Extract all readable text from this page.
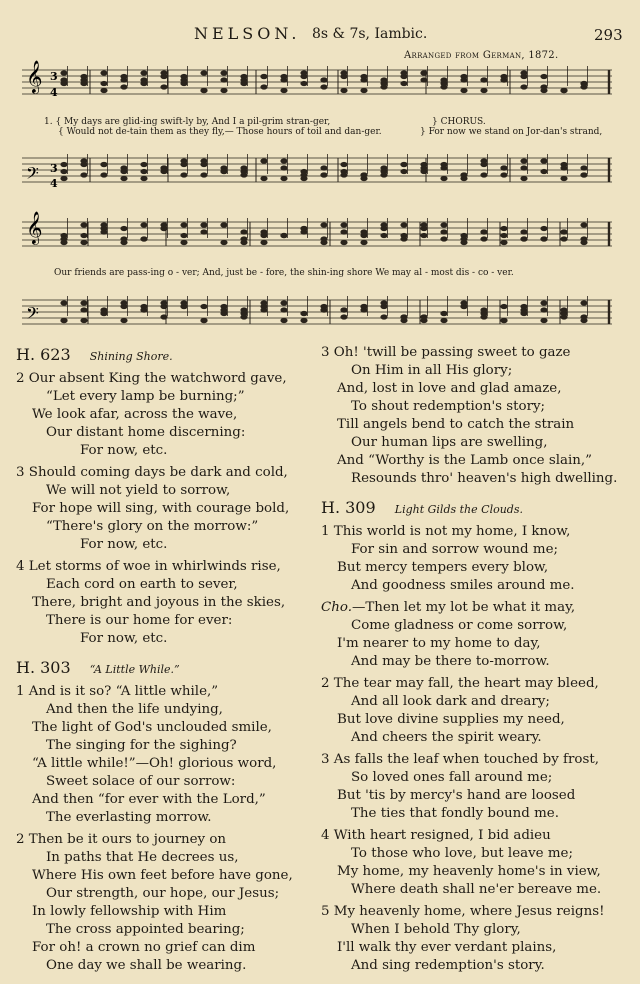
NELSON. 8s & 7s, Iambic.	293
Arranged from German, 1872.
𝄞
𝄞
𝄢
𝄢
3
4
3
4
1. { My days are glid-ing swift-ly by, And I a pil-grim stran-ger,
{ Would not de-tain them as they fly,— Those hours of toil and dan-ger.
} CHORUS.
} For now we stand on Jor-dan's strand,
Our friends are pass-ing o - ver; And, just be - fore, the shin-ing shore We may al - most dis - co - ver.
H. 623 Shining Shore.
2 Our absent King the watchword gave,
“Let every lamp be burning;”
We look afar, across the wave,
Our distant home discerning:
For now, etc.
3 Should coming days be dark and cold,
We will not yield to sorrow,
For hope will sing, with courage bold,
“There's glory on the morrow:”
For now, etc.
4 Let storms of woe in whirlwinds rise,
Each cord on earth to sever,
There, bright and joyous in the skies,
There is our home for ever:
For now, etc.
H. 303 “A Little While.”
1 And is it so? “A little while,”
And then the life undying,
The light of God's unclouded smile,
The singing for the sighing?
“A little while!”—Oh! glorious word,
Sweet solace of our sorrow:
And then “for ever with the Lord,”
The everlasting morrow.
2 Then be it ours to journey on
In paths that He decrees us,
Where His own feet before have gone,
Our strength, our hope, our Jesus;
In lowly fellowship with Him
The cross appointed bearing;
For oh! a crown no grief can dim
One day we shall be wearing.
3 Oh! 'twill be passing sweet to gaze
On Him in all His glory;
And, lost in love and glad amaze,
To shout redemption's story;
Till angels bend to catch the strain
Our human lips are swelling,
And “Worthy is the Lamb once slain,”
Resounds thro' heaven's high dwelling.
H. 309 Light Gilds the Clouds.
1 This world is not my home, I know,
For sin and sorrow wound me;
But mercy tempers every blow,
And goodness smiles around me.
Cho.—Then let my lot be what it may,
Come gladness or come sorrow,
I'm nearer to my home to day,
And may be there to-morrow.
2 The tear may fall, the heart may bleed,
And all look dark and dreary;
But love divine supplies my need,
And cheers the spirit weary.
3 As falls the leaf when touched by frost,
So loved ones fall around me;
But 'tis by mercy's hand are loosed
The ties that fondly bound me.
4 With heart resigned, I bid adieu
To those who love, but leave me;
My home, my heavenly home's in view,
Where death shall ne'er bereave me.
5 My heavenly home, where Jesus reigns!
When I behold Thy glory,
I'll walk thy ever verdant plains,
And sing redemption's story.
